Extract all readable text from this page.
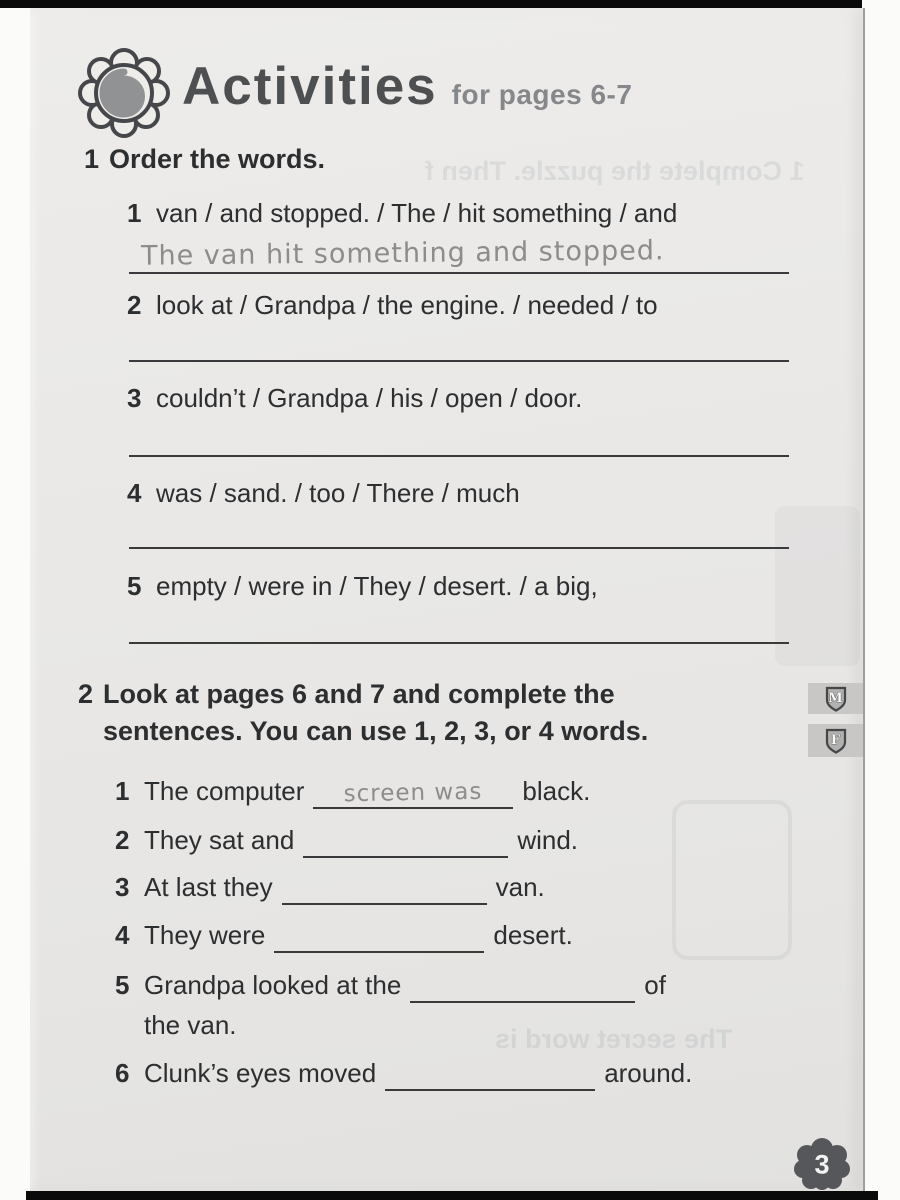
1 Complete the puzzle. Then f
The secret word is
Activities for pages 6-7
1 Order the words.
1 van / and stopped. / The / hit something / and
The van hit something and stopped.
2 look at / Grandpa / the engine. / needed / to
3 couldn’t / Grandpa / his / open / door.
4 was / sand. / too / There / much
5 empty / were in / They / desert. / a big,
2 Look at pages 6 and 7 and complete the sentences. You can use 1, 2, 3, or 4 words.
1 The computer	screen was	black.
2 They sat and	wind.
3 At last they	van.
4 They were	desert.
5 Grandpa looked at the	of
the van.
6 Clunk’s eyes moved	around.
M
F
3
